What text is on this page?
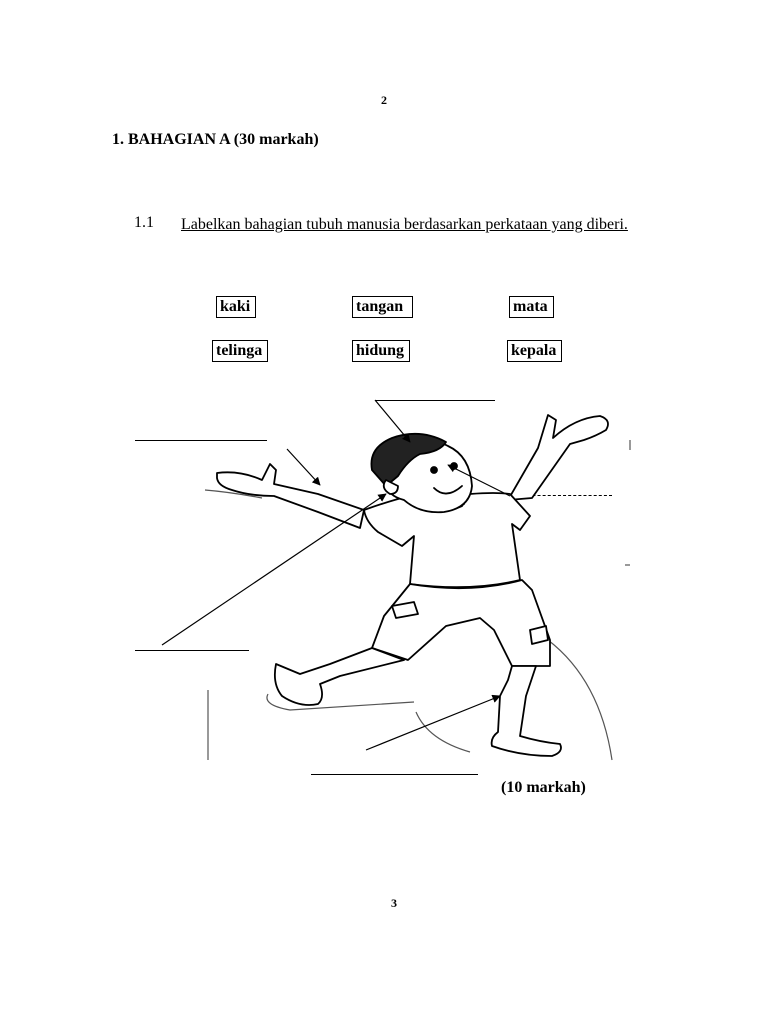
2
1. BAHAGIAN A (30 markah)
1.1 Labelkan bahagian tubuh manusia berdasarkan perkataan yang diberi.
kaki	tangan	mata
telinga	hidung	kepala
(10 markah)
3
